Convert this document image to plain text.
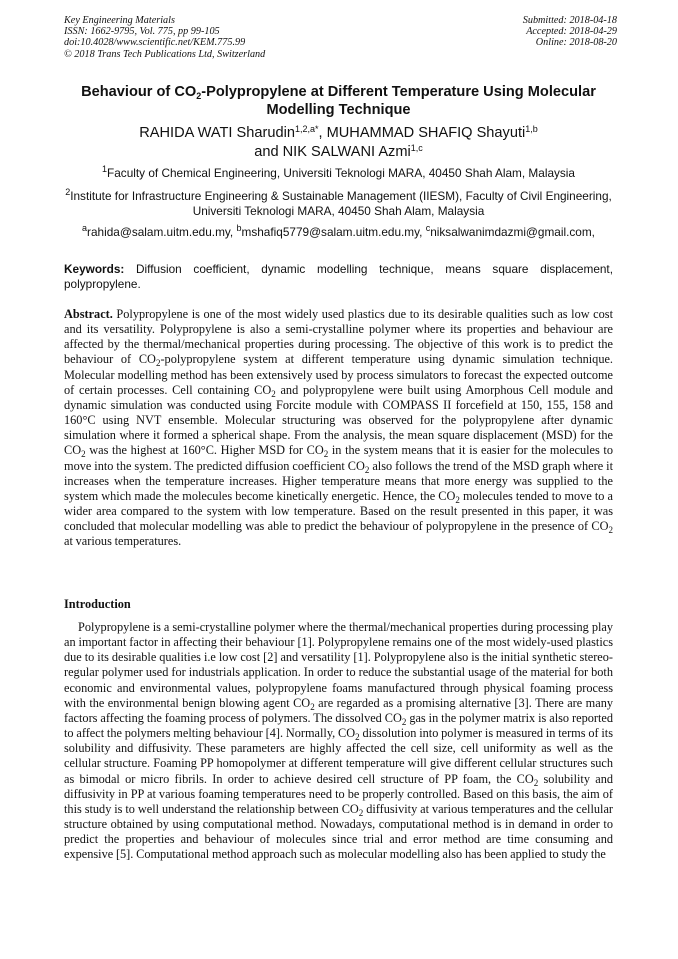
Key Engineering Materials
ISSN: 1662-9795, Vol. 775, pp 99-105
doi:10.4028/www.scientific.net/KEM.775.99
© 2018 Trans Tech Publications Ltd, Switzerland
Submitted: 2018-04-18
Accepted: 2018-04-29
Online: 2018-08-20
Behaviour of $CO_2$-Polypropylene at Different Temperature Using Molecular Modelling Technique
RAHIDA WATI Sharudin$^{1,2,a*}$, MUHAMMAD SHAFIQ Shayuti$^{1,b}$
and NIK SALWANI Azmi$^{1,c}$
$^1$Faculty of Chemical Engineering, Universiti Teknologi MARA, 40450 Shah Alam, Malaysia
$^2$Institute for Infrastructure Engineering & Sustainable Management (IIESM), Faculty of Civil Engineering, Universiti Teknologi MARA, 40450 Shah Alam, Malaysia
$^a$rahida@salam.uitm.edu.my, $^b$mshafiq5779@salam.uitm.edu.my, $^c$niksalwanimdazmi@gmail.com,
Keywords: Diffusion coefficient, dynamic modelling technique, means square displacement, polypropylene.
Abstract. Polypropylene is one of the most widely used plastics due to its desirable qualities such as low cost and its versatility. Polypropylene is also a semi-crystalline polymer where its properties and behaviour are affected by the thermal/mechanical properties during processing. The objective of this work is to predict the behaviour of $CO_2$-polypropylene system at different temperature using dynamic simulation technique. Molecular modelling method has been extensively used by process simulators to forecast the expected outcome of certain processes. Cell containing $CO_2$ and polypropylene were built using Amorphous Cell module and dynamic simulation was conducted using Forcite module with COMPASS II forcefield at 150, 155, 158 and 160°C using NVT ensemble. Molecular structuring was observed for the polypropylene after dynamic simulation where it formed a spherical shape. From the analysis, the mean square displacement (MSD) for the $CO_2$ was the highest at 160°C. Higher MSD for $CO_2$ in the system means that it is easier for the molecules to move into the system. The predicted diffusion coefficient $CO_2$ also follows the trend of the MSD graph where it increases when the temperature increases. Higher temperature means that more energy was supplied to the system which made the molecules become kinetically energetic. Hence, the $CO_2$ molecules tended to move to a wider area compared to the system with low temperature. Based on the result presented in this paper, it was concluded that molecular modelling was able to predict the behaviour of polypropylene in the presence of $CO_2$ at various temperatures.
Introduction
Polypropylene is a semi-crystalline polymer where the thermal/mechanical properties during processing play an important factor in affecting their behaviour [1]. Polypropylene remains one of the most widely-used plastics due to its desirable qualities i.e low cost [2] and versatility [1]. Polypropylene also is the initial synthetic stereo-regular polymer used for industrials application. In order to reduce the substantial usage of the material for both economic and environmental values, polypropylene foams manufactured through physical foaming process with the environmental benign blowing agent $CO_2$ are regarded as a promising alternative [3]. There are many factors affecting the foaming process of polymers. The dissolved $CO_2$ gas in the polymer matrix is also reported to affect the polymers melting behaviour [4]. Normally, $CO_2$ dissolution into polymer is measured in terms of its solubility and diffusivity. These parameters are highly affected the cell size, cell uniformity as well as the cellular structure. Foaming PP homopolymer at different temperature will give different cellular structures such as bimodal or micro fibrils. In order to achieve desired cell structure of PP foam, the $CO_2$ solubility and diffusivity in PP at various foaming temperatures need to be properly controlled. Based on this basis, the aim of this study is to well understand the relationship between $CO_2$ diffusivity at various temperatures and the cellular structure obtained by using computational method. Nowadays, computational method is in demand in order to predict the properties and behaviour of molecules since trial and error method are time consuming and expensive [5]. Computational method approach such as molecular modelling also has been applied to study the
